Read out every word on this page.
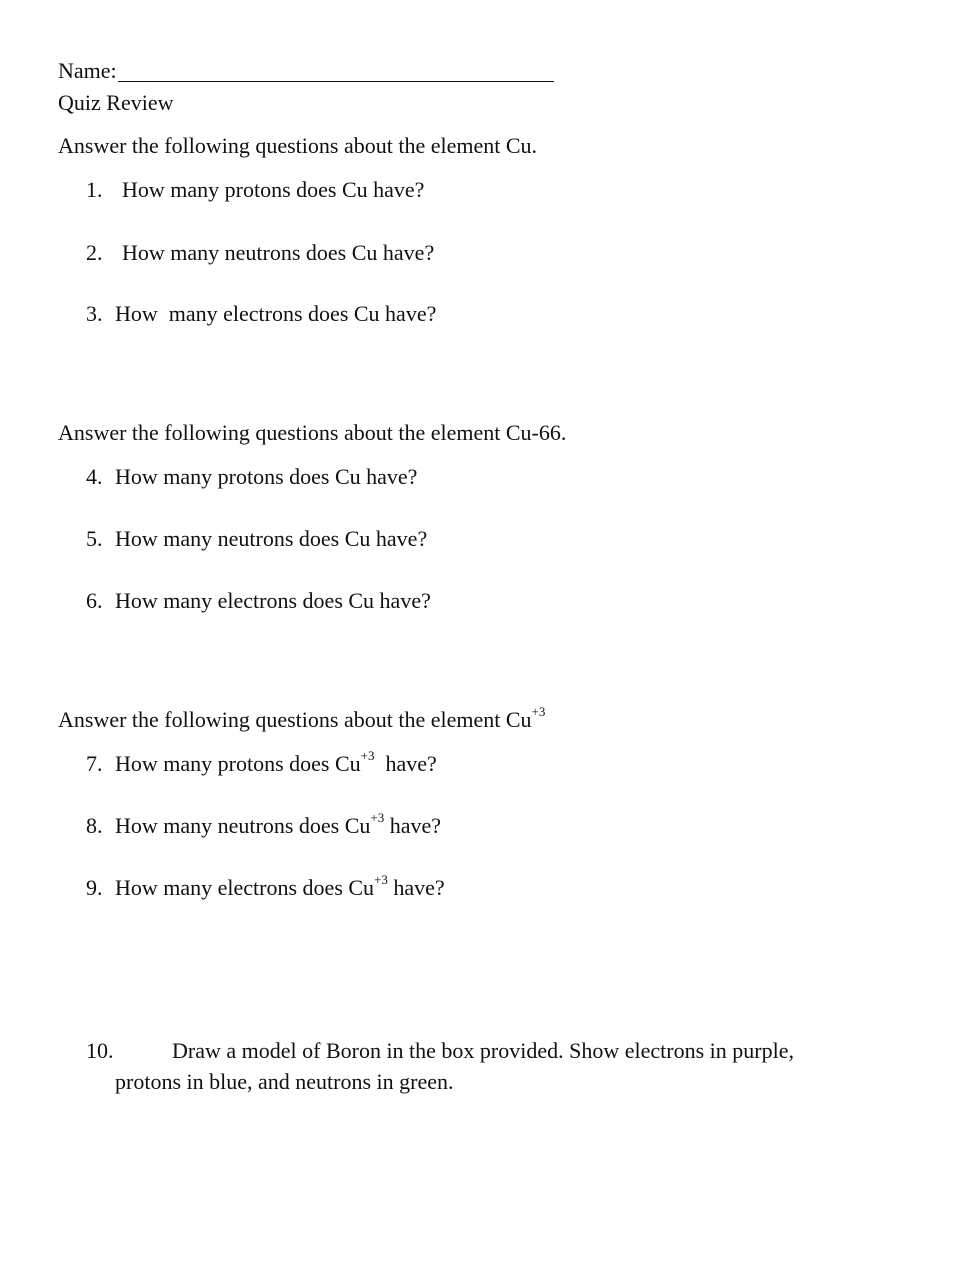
Name:
Quiz Review
Answer the following questions about the element Cu.
1. How many protons does Cu have?
2. How many neutrons does Cu have?
3. How  many electrons does Cu have?
Answer the following questions about the element Cu-66.
4. How many protons does Cu have?
5. How many neutrons does Cu have?
6. How many electrons does Cu have?
Answer the following questions about the element $Cu^{+3}$
7. How many protons does $Cu^{+3}$  have?
8. How many neutrons does $Cu^{+3}$ have?
9. How many electrons does $Cu^{+3}$ have?
10.	Draw a model of Boron in the box provided. Show electrons in purple,
protons in blue, and neutrons in green.
